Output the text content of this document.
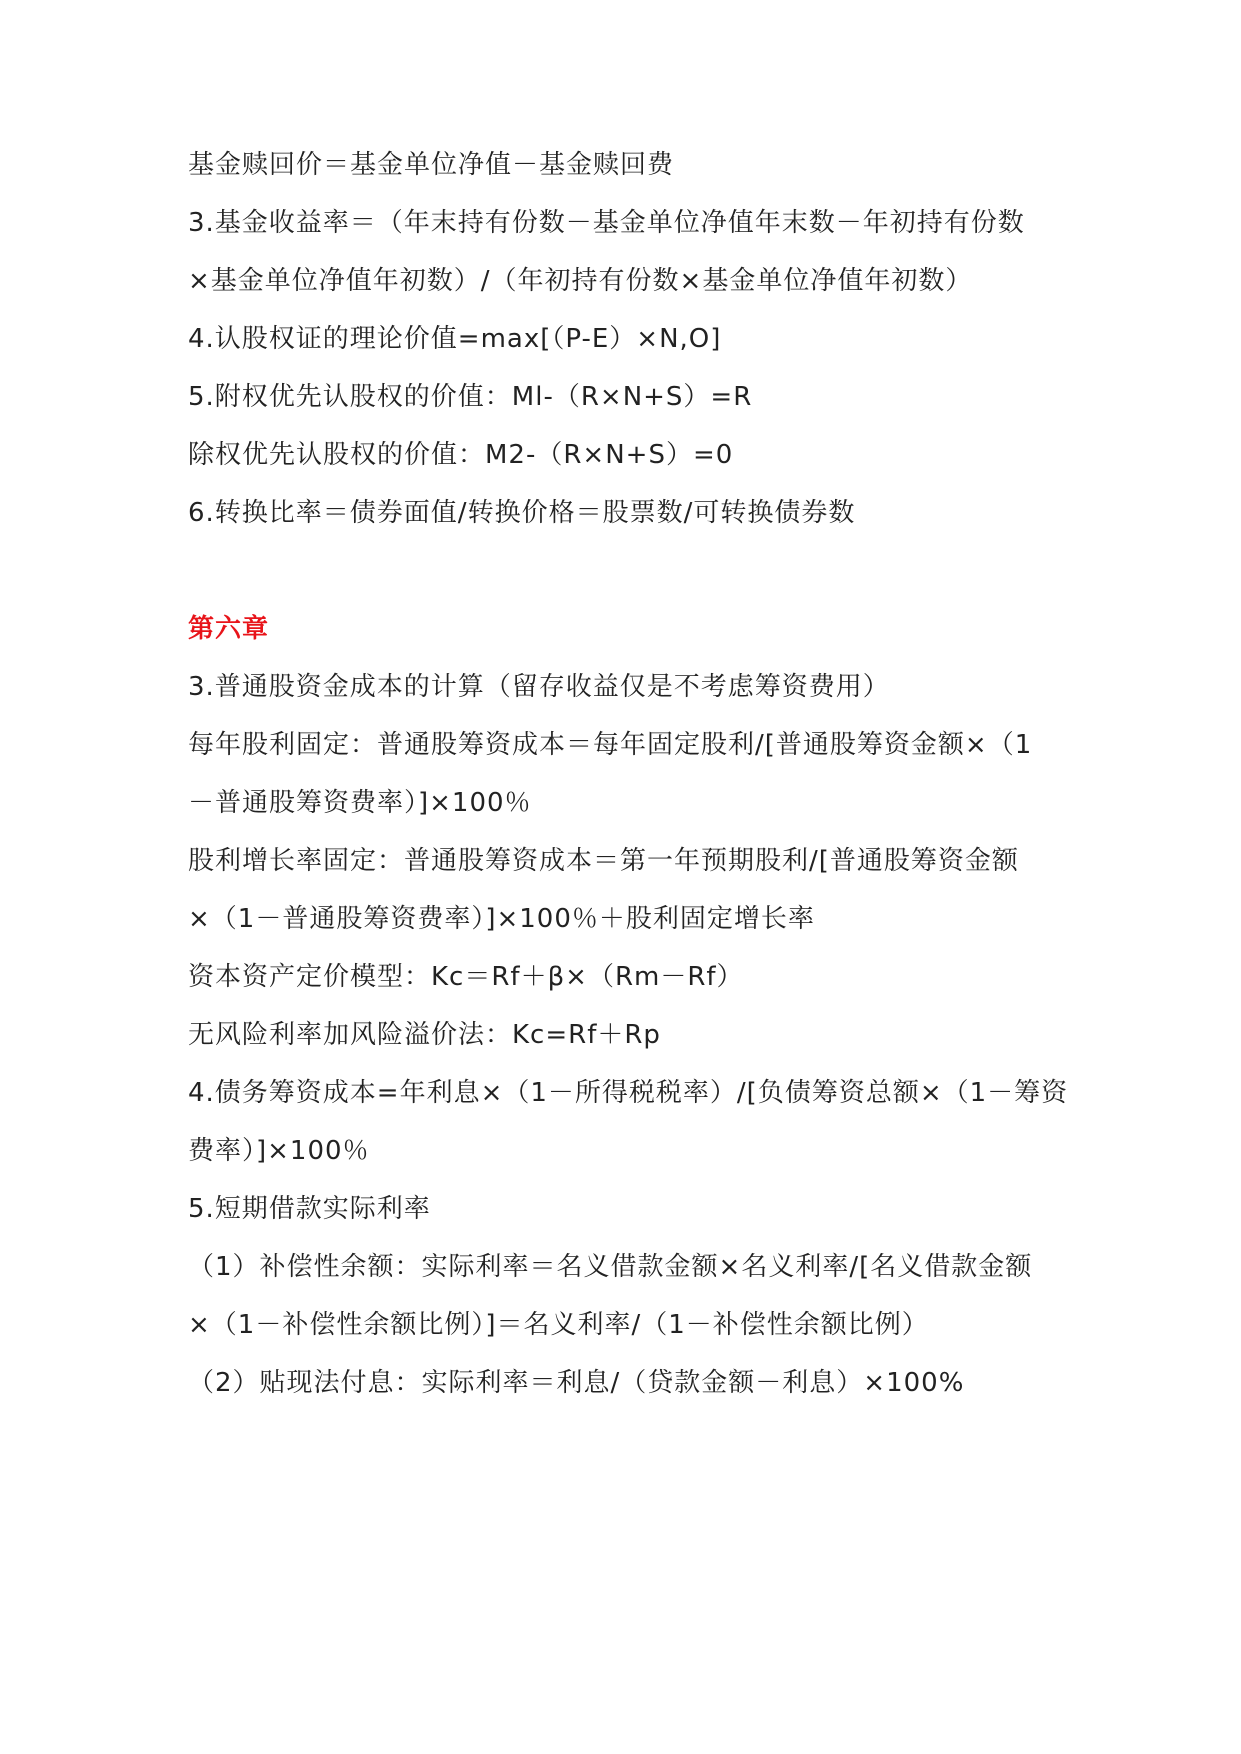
基金赎回价＝基金单位净值－基金赎回费
3.基金收益率＝（年末持有份数－基金单位净值年末数－年初持有份数
×基金单位净值年初数）/（年初持有份数×基金单位净值年初数）
4.认股权证的理论价值=max[（P-E）×N,O]
5.附权优先认股权的价值：Ml-（R×N+S）=R
除权优先认股权的价值：M2-（R×N+S）=0
6.转换比率＝债券面值/转换价格＝股票数/可转换债券数
第六章
3.普通股资金成本的计算（留存收益仅是不考虑筹资费用）
每年股利固定：普通股筹资成本＝每年固定股利/[普通股筹资金额×（1
－普通股筹资费率）]×100％
股利增长率固定：普通股筹资成本＝第一年预期股利/[普通股筹资金额
×（1－普通股筹资费率）]×100％＋股利固定增长率
资本资产定价模型：Kc＝Rf＋β×（Rm－Rf）
无风险利率加风险溢价法：Kc=Rf＋Rp
4.债务筹资成本=年利息×（1－所得税税率）/[负债筹资总额×（1－筹资
费率）]×100％
5.短期借款实际利率
（1）补偿性余额：实际利率＝名义借款金额×名义利率/[名义借款金额
×（1－补偿性余额比例）]＝名义利率/（1－补偿性余额比例）
（2）贴现法付息：实际利率＝利息/（贷款金额－利息）×100%
